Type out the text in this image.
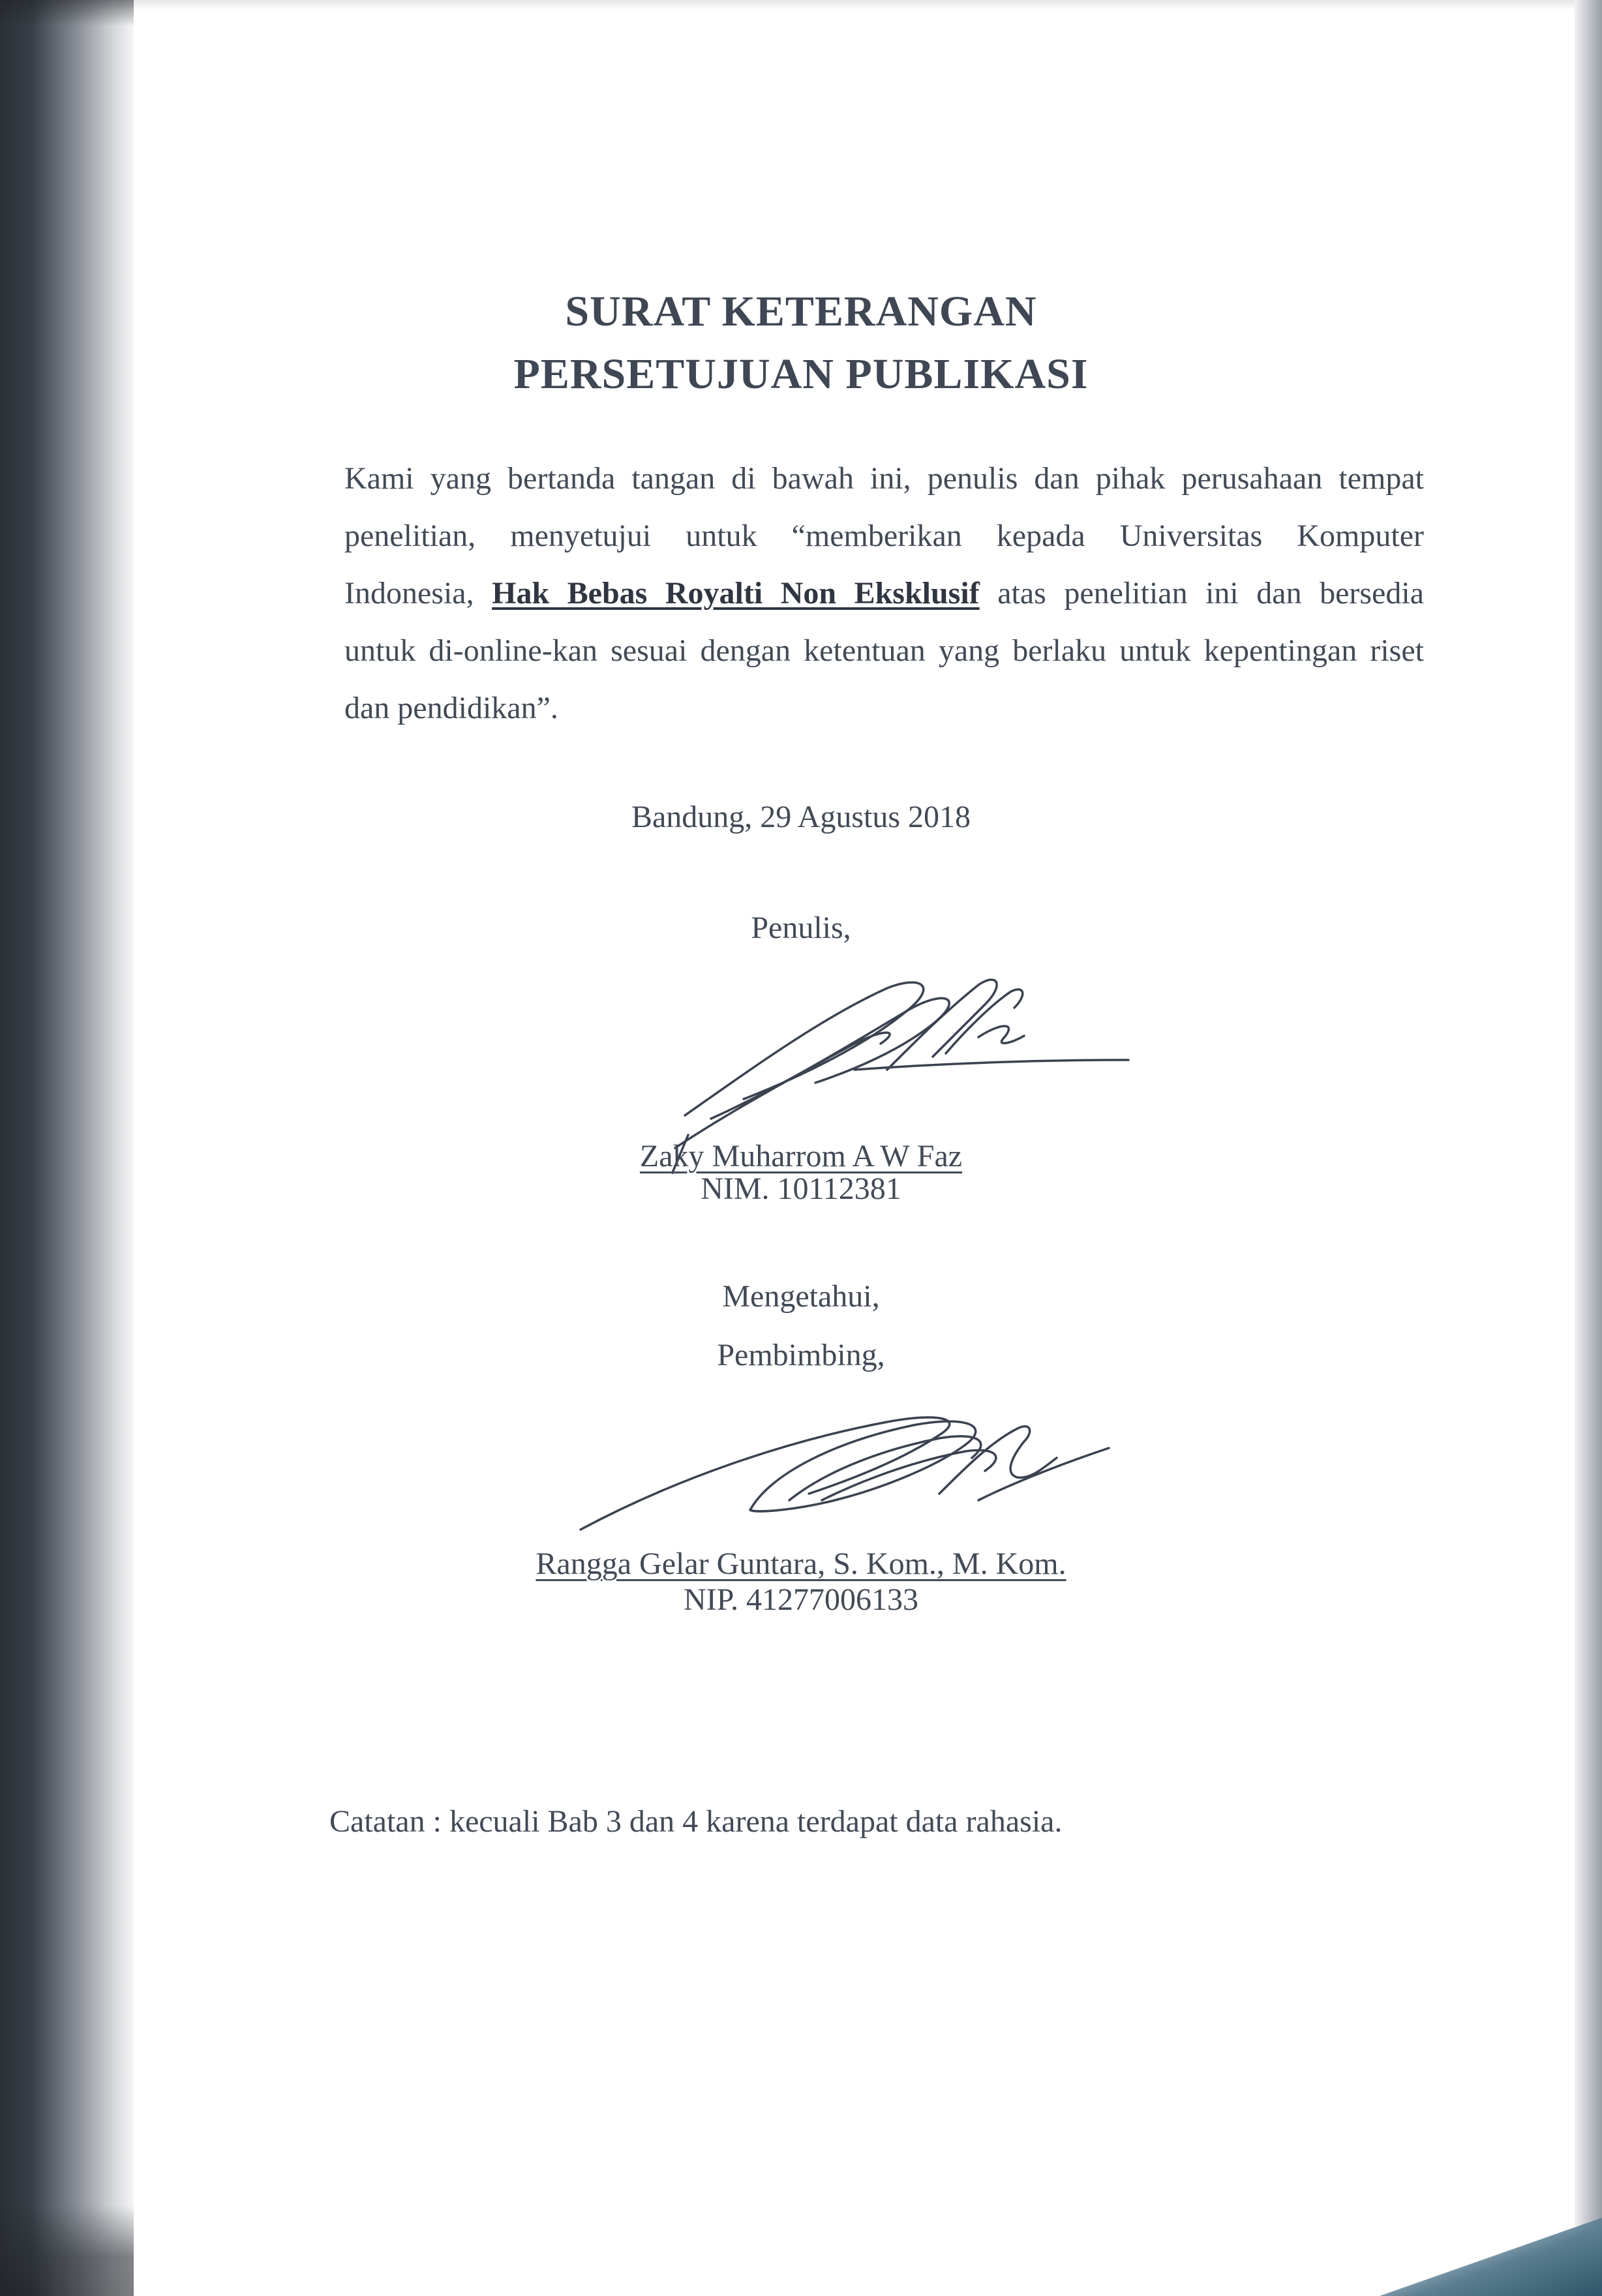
SURAT KETERANGAN
PERSETUJUAN PUBLIKASI
Kami yang bertanda tangan di bawah ini, penulis dan pihak perusahaan tempat
penelitian, menyetujui untuk “memberikan kepada Universitas Komputer
Indonesia, Hak Bebas Royalti Non Eksklusif atas penelitian ini dan bersedia
untuk di-online-kan sesuai dengan ketentuan yang berlaku untuk kepentingan riset
dan pendidikan”.

Bandung, 29 Agustus 2018

Penulis,

Zaky Muharrom A W Faz

NIM. 10112381

Mengetahui,

Pembimbing,

Rangga Gelar Guntara, S. Kom., M. Kom.

NIP. 41277006133

Catatan : kecuali Bab 3 dan 4 karena terdapat data rahasia.
